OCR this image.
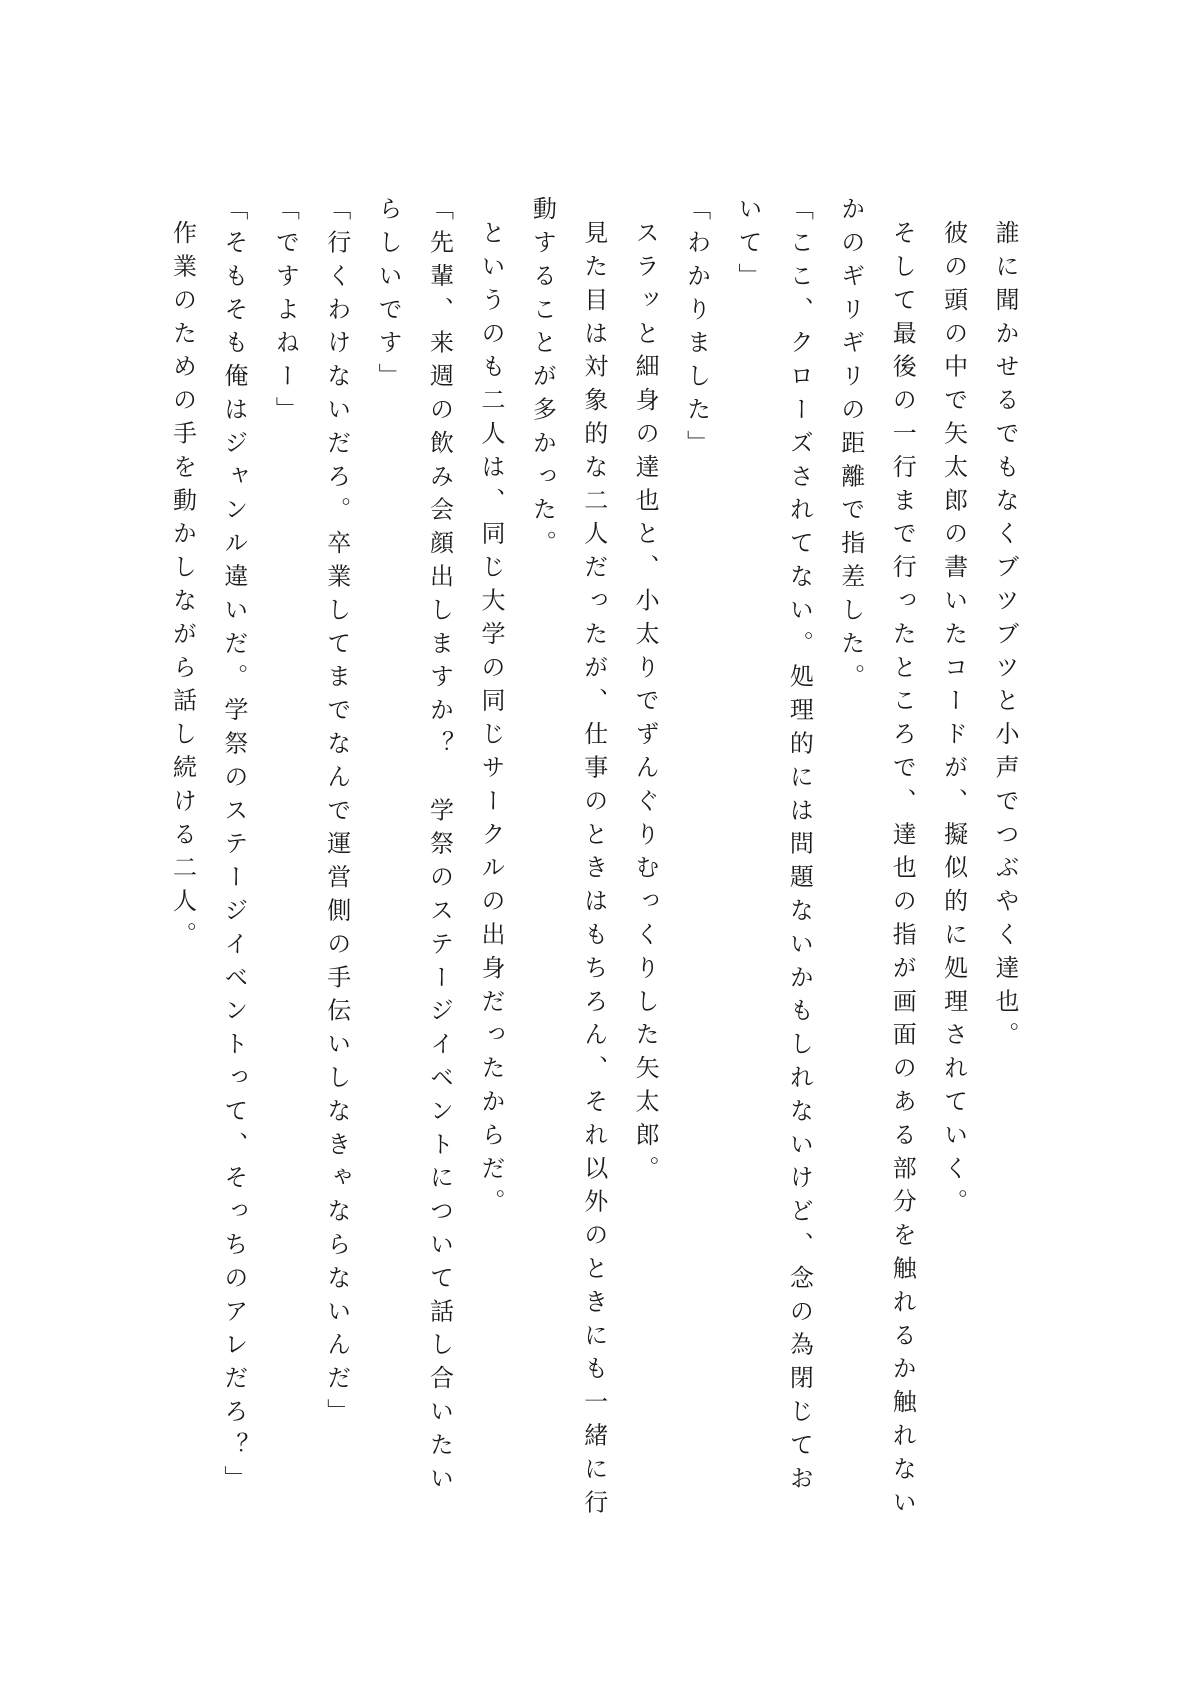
誰に聞かせるでもなくブツブツと小声でつぶやく達也。

彼の頭の中で矢太郎の書いたコードが、擬似的に処理されていく。

そして最後の一行まで行ったところで、達也の指が画面のある部分を触れるか触れないかのギリギリの距離で指差した。

「ここ、クローズされてない。処理的には問題ないかもしれないけど、念の為閉じておいて」

「わかりました」

スラッと細身の達也と、小太りでずんぐりむっくりした矢太郎。

見た目は対象的な二人だったが、仕事のときはもちろん、それ以外のときにも一緒に行動することが多かった。

というのも二人は、同じ大学の同じサークルの出身だったからだ。

「先輩、来週の飲み会顔出しますか？　学祭のステージイベントについて話し合いたいらしいです」

「行くわけないだろ。卒業してまでなんで運営側の手伝いしなきゃならないんだ」

「ですよねー」

「そもそも俺はジャンル違いだ。学祭のステージイベントって、そっちのアレだろ？」

作業のための手を動かしながら話し続ける二人。
